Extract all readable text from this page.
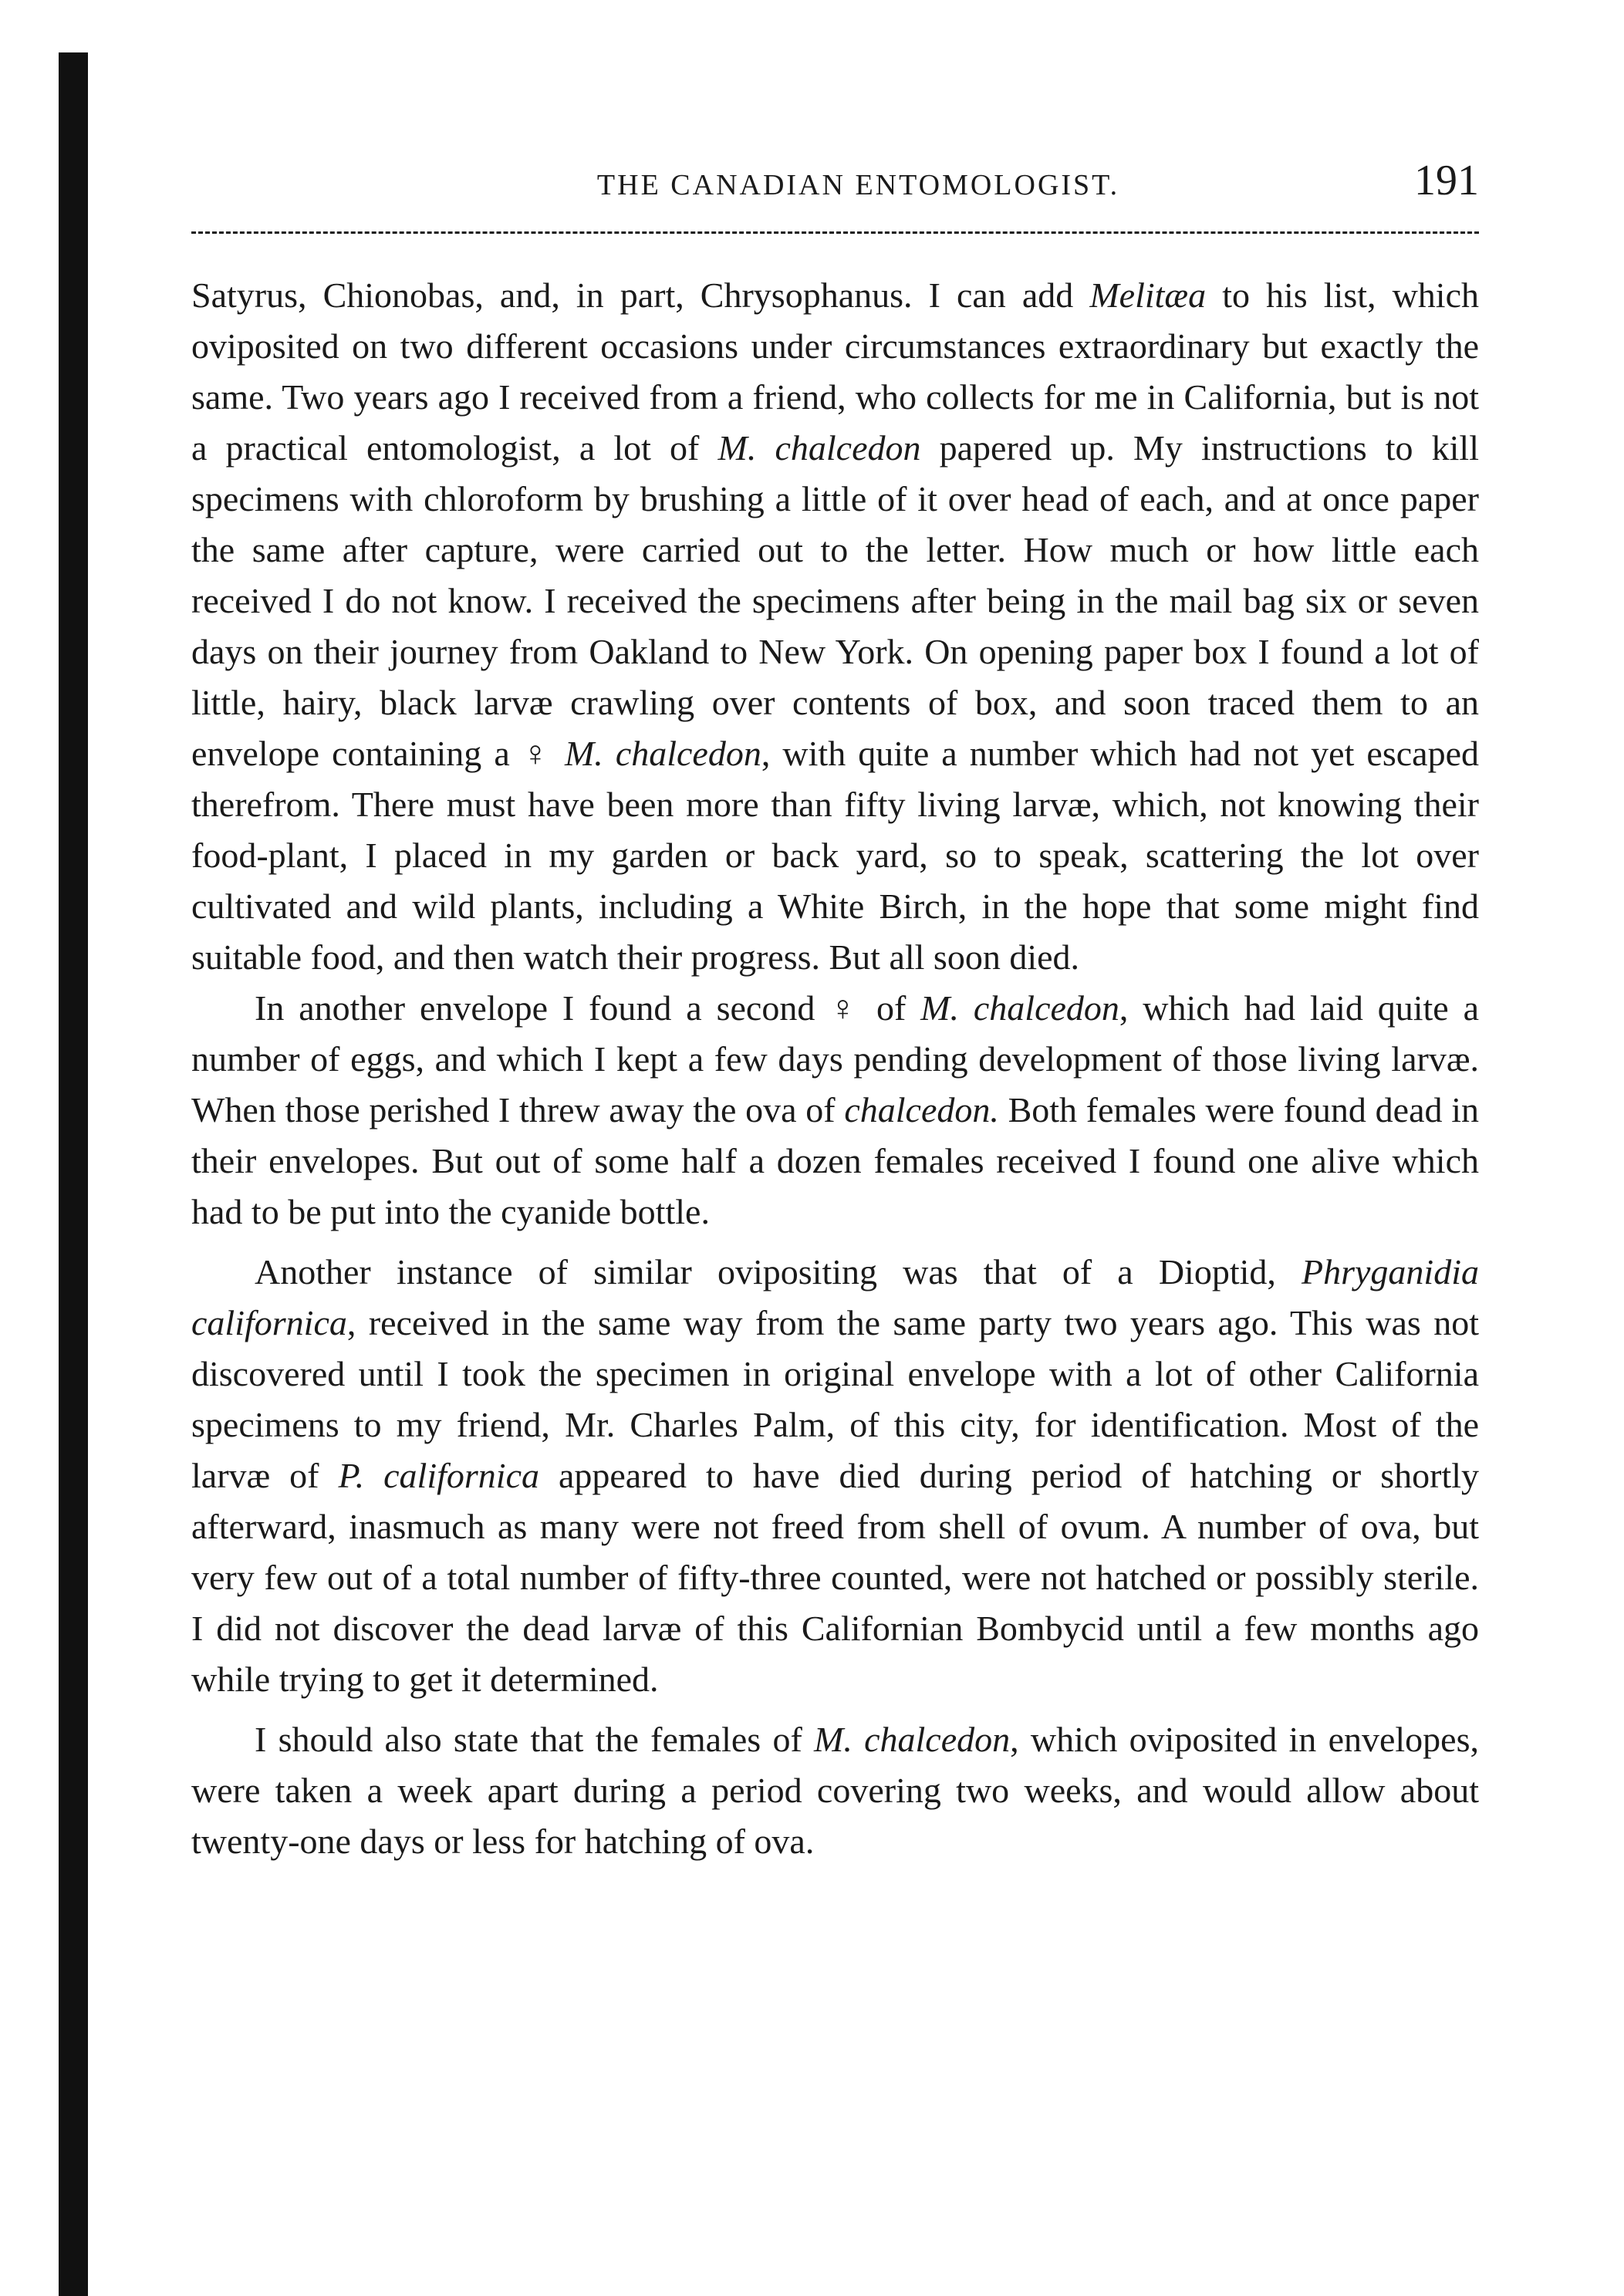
THE CANADIAN ENTOMOLOGIST.	191

Satyrus, Chionobas, and, in part, Chrysophanus. I can add Melitæa to his list, which oviposited on two different occasions under circumstances extraordinary but exactly the same. Two years ago I received from a friend, who collects for me in California, but is not a practical entomologist, a lot of M. chalcedon papered up. My instructions to kill specimens with chloroform by brushing a little of it over head of each, and at once paper the same after capture, were carried out to the letter. How much or how little each received I do not know. I received the specimens after being in the mail bag six or seven days on their journey from Oakland to New York. On opening paper box I found a lot of little, hairy, black larvæ crawling over contents of box, and soon traced them to an envelope containing a ♀ M. chalcedon, with quite a number which had not yet escaped therefrom. There must have been more than fifty living larvæ, which, not knowing their food-plant, I placed in my garden or back yard, so to speak, scattering the lot over cultivated and wild plants, including a White Birch, in the hope that some might find suitable food, and then watch their progress. But all soon died.

In another envelope I found a second ♀ of M. chalcedon, which had laid quite a number of eggs, and which I kept a few days pending development of those living larvæ. When those perished I threw away the ova of chalcedon. Both females were found dead in their envelopes. But out of some half a dozen females received I found one alive which had to be put into the cyanide bottle.

Another instance of similar ovipositing was that of a Dioptid, Phryganidia californica, received in the same way from the same party two years ago. This was not discovered until I took the specimen in original envelope with a lot of other California specimens to my friend, Mr. Charles Palm, of this city, for identification. Most of the larvæ of P. californica appeared to have died during period of hatching or shortly afterward, inasmuch as many were not freed from shell of ovum. A number of ova, but very few out of a total number of fifty-three counted, were not hatched or possibly sterile. I did not discover the dead larvæ of this Californian Bombycid until a few months ago while trying to get it determined.

I should also state that the females of M. chalcedon, which oviposited in envelopes, were taken a week apart during a period covering two weeks, and would allow about twenty-one days or less for hatching of ova.
